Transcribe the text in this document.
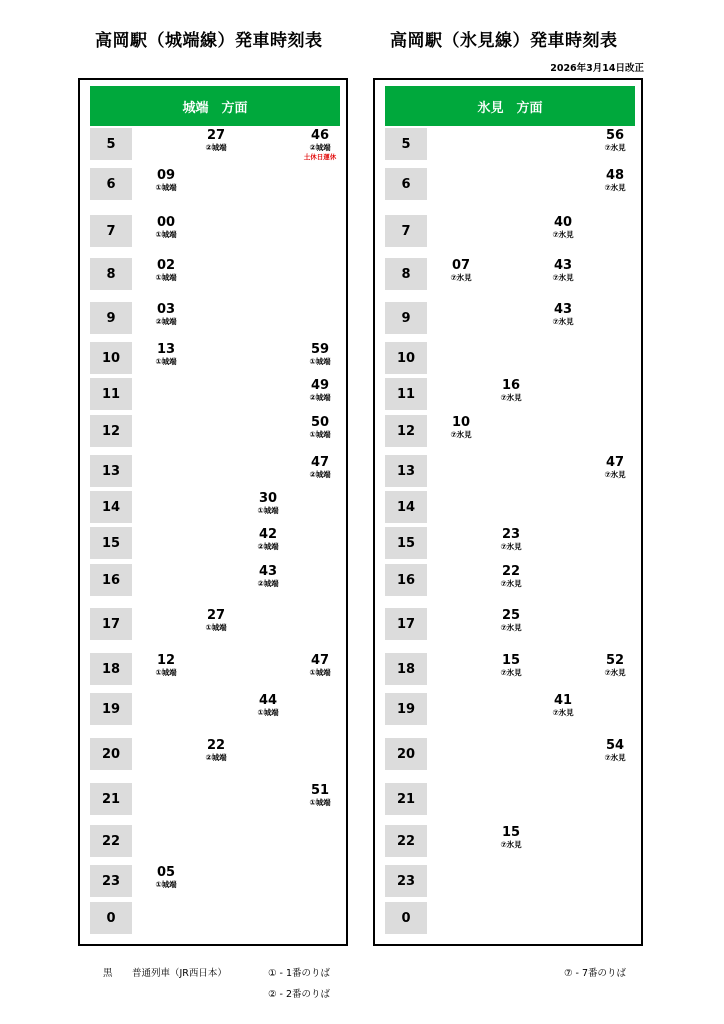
高岡駅（城端線）発車時刻表	高岡駅（氷見線）発車時刻表
2026年3月14日改正
城端　方面
5
27
②城端
46
②城端
土休日運休
6
09
①城端
7
00
①城端
8
02
①城端
9
03
②城端
10
13
①城端
59
①城端
11
49
②城端
12
50
①城端
13
47
②城端
14
30
①城端
15
42
②城端
16
43
②城端
17
27
①城端
18
12
①城端
47
①城端
19
44
①城端
20
22
②城端
21
51
①城端
22
23
05
①城端
0
氷見　方面
5
56
⑦氷見
6
48
⑦氷見
7
40
⑦氷見
8
07
⑦氷見
43
⑦氷見
9
43
⑦氷見
10
11
16
⑦氷見
12
10
⑦氷見
13
47
⑦氷見
14
15
23
⑦氷見
16
22
⑦氷見
17
25
⑦氷見
18
15
⑦氷見
52
⑦氷見
19
41
⑦氷見
20
54
⑦氷見
21
22
15
⑦氷見
23
0
黒 普通列車（JR西日本）	① - 1番のりば
② - 2番のりば
⑦ - 7番のりば
